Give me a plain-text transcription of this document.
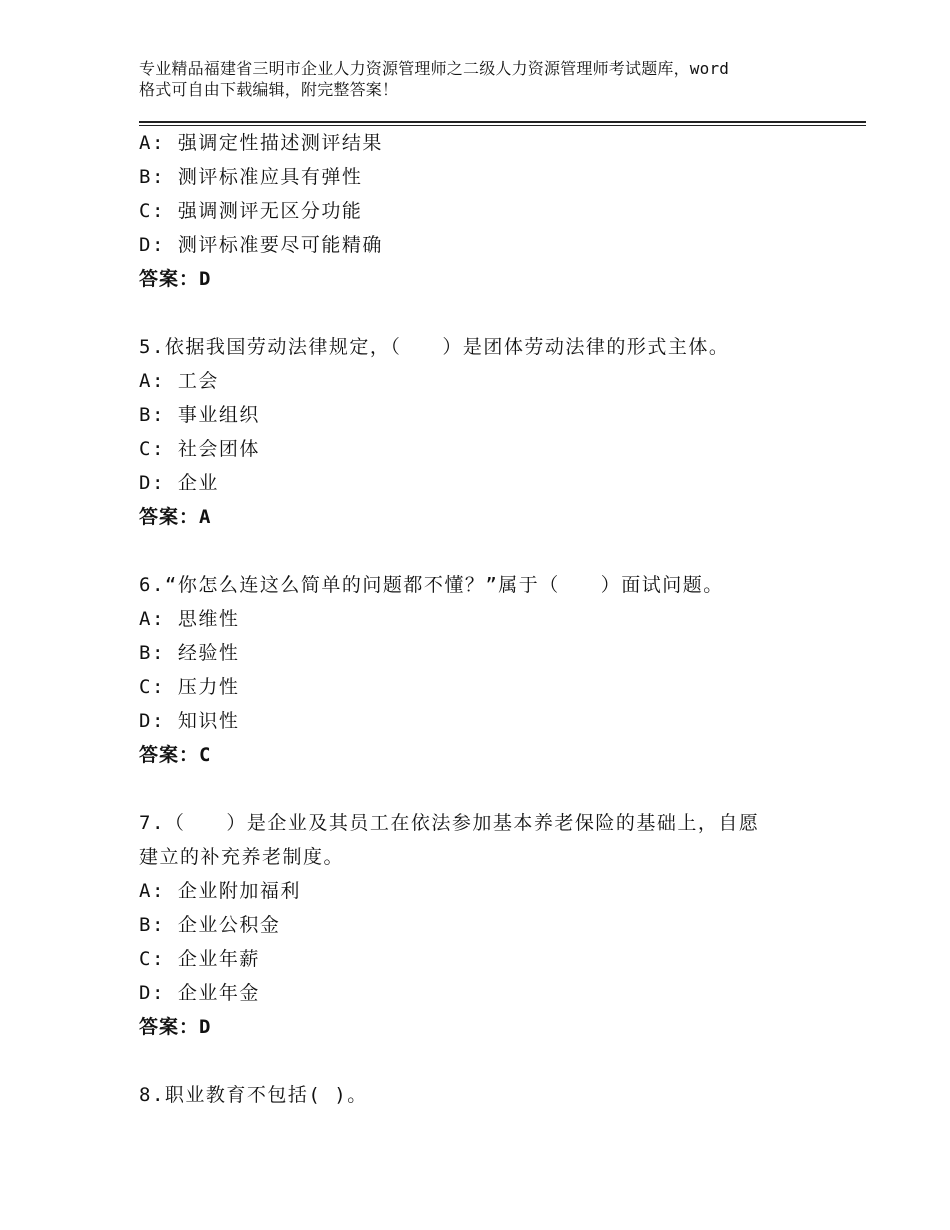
专业精品福建省三明市企业人力资源管理师之二级人力资源管理师考试题库，word
格式可自由下载编辑，附完整答案！
A: 强调定性描述测评结果
B: 测评标准应具有弹性
C: 强调测评无区分功能
D: 测评标准要尽可能精确
答案：D
5.依据我国劳动法律规定，（　　）是团体劳动法律的形式主体。
A: 工会
B: 事业组织
C: 社会团体
D: 企业
答案：A
6.“你怎么连这么简单的问题都不懂？”属于（　　）面试问题。
A: 思维性
B: 经验性
C: 压力性
D: 知识性
答案：C
7.（　　）是企业及其员工在依法参加基本养老保险的基础上，自愿
建立的补充养老制度。
A: 企业附加福利
B: 企业公积金
C: 企业年薪
D: 企业年金
答案：D
8.职业教育不包括( )。
